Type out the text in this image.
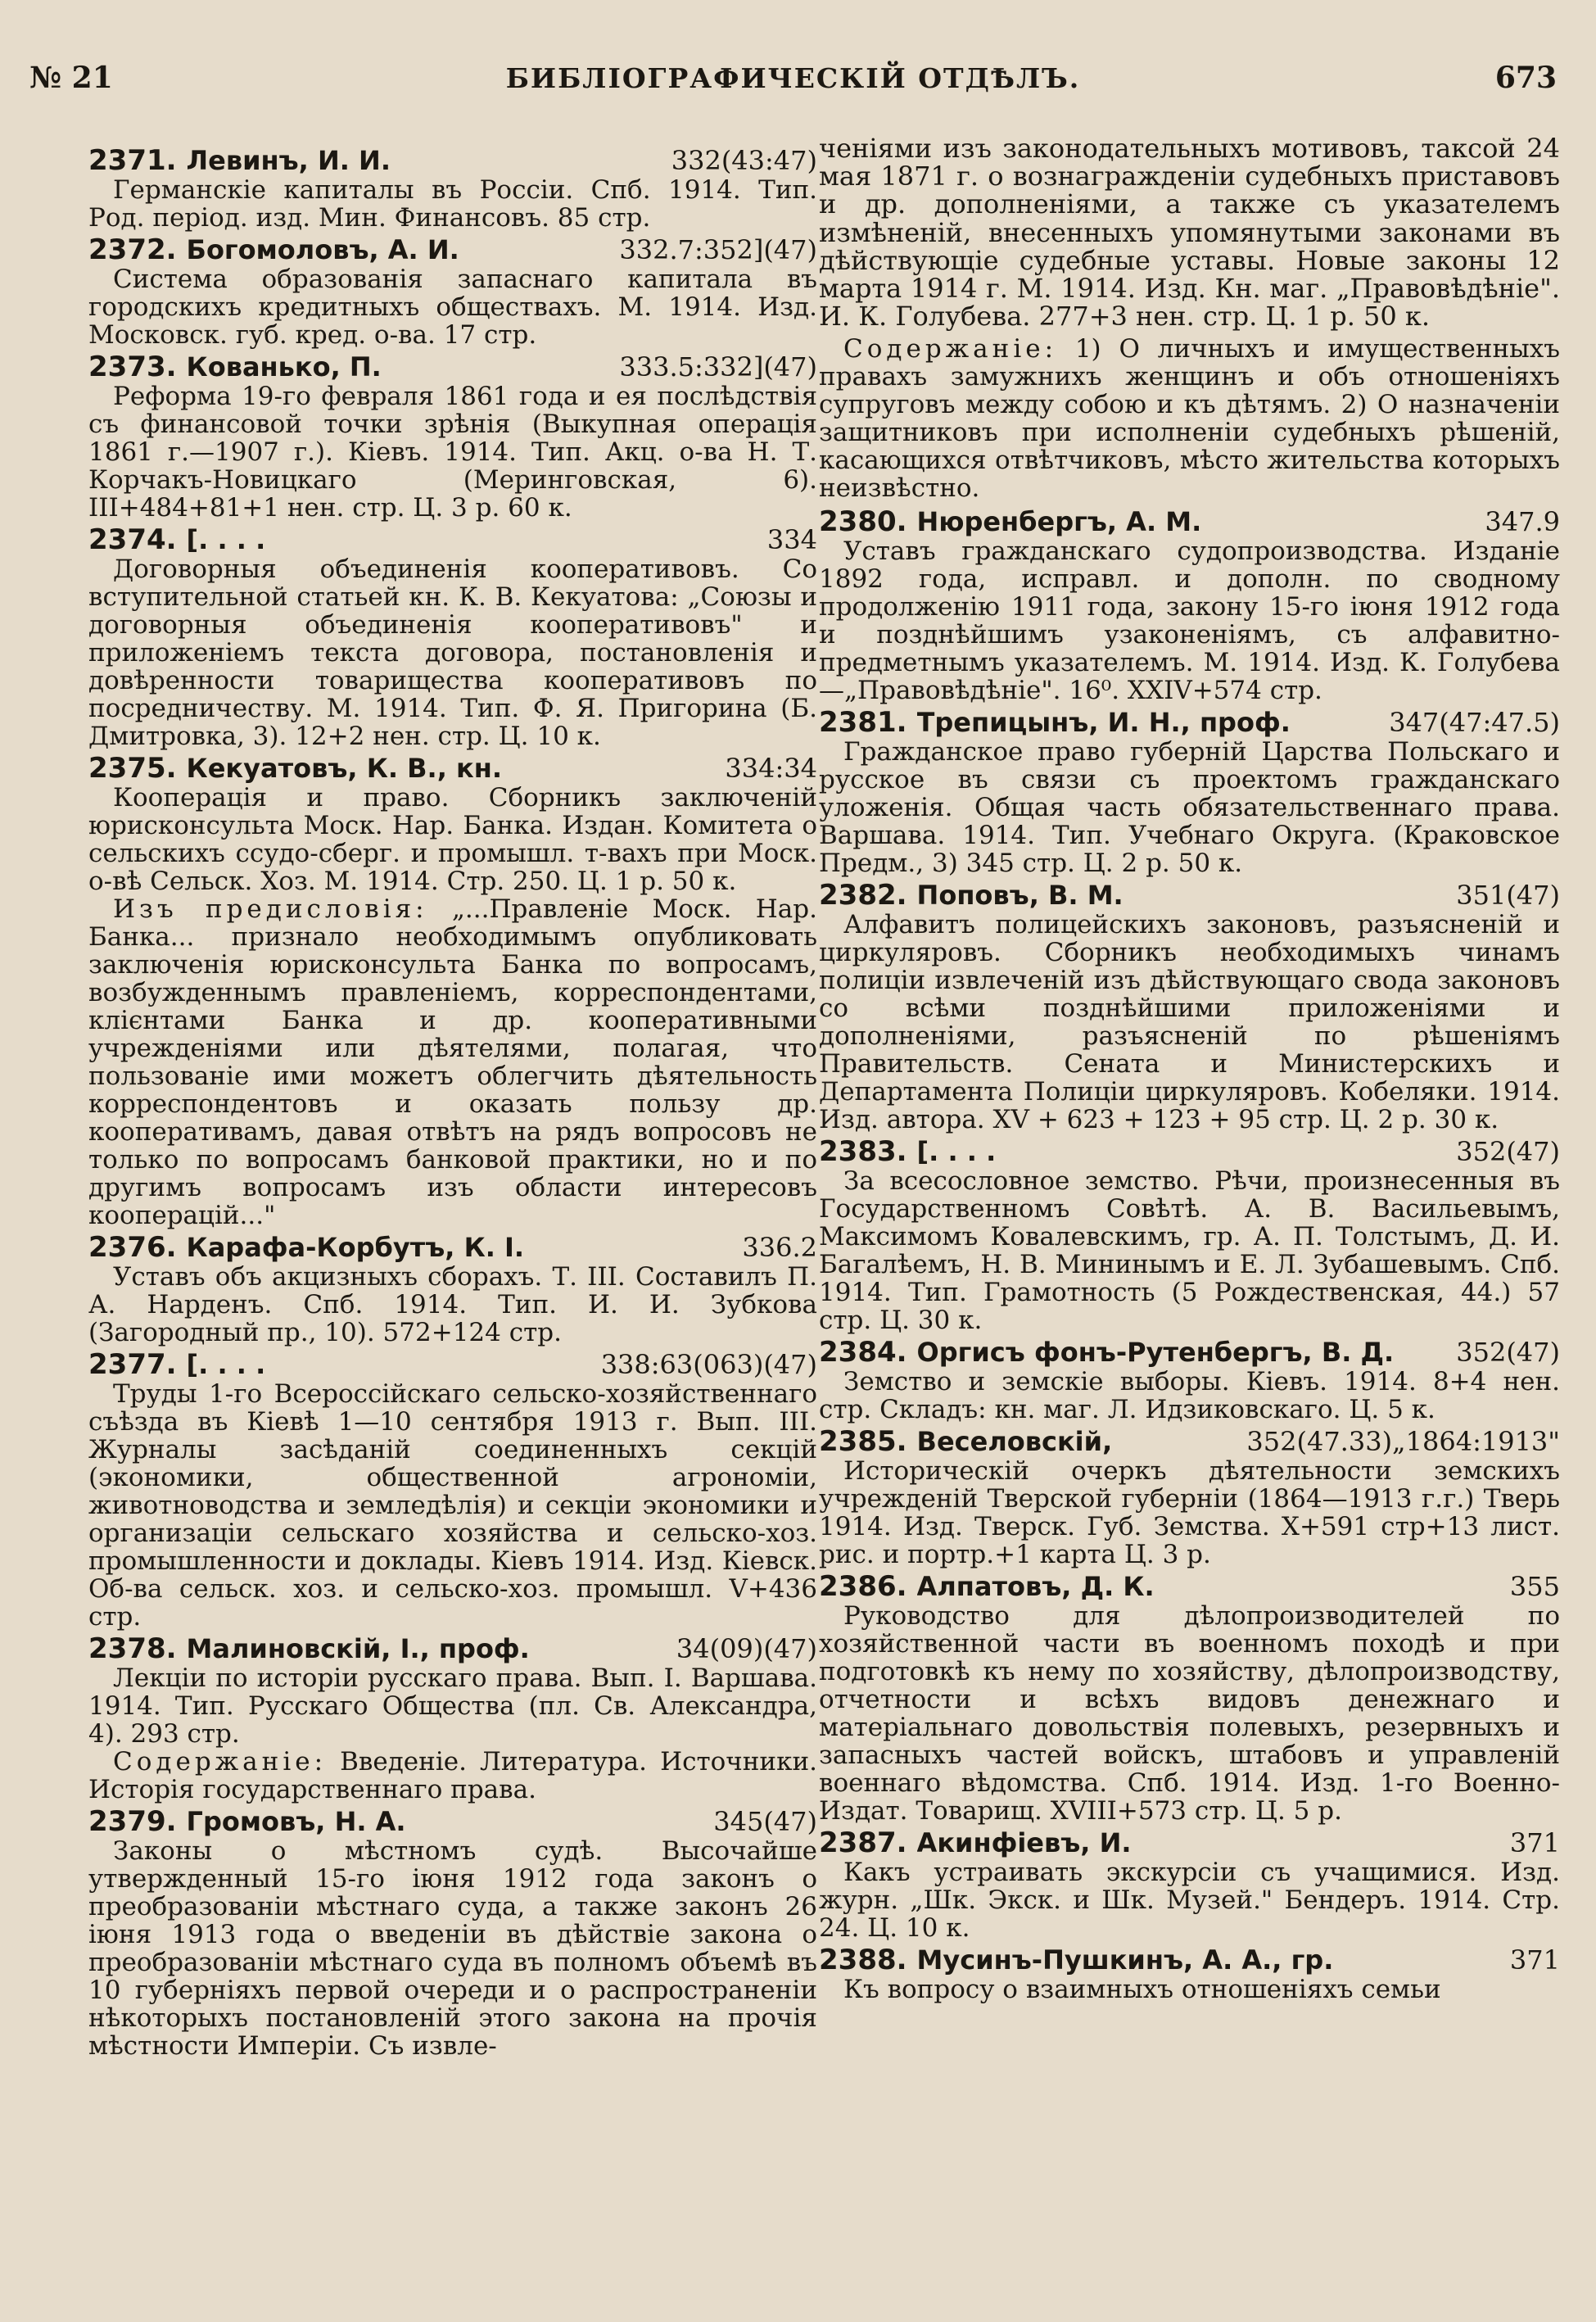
№ 21	БИБЛІОГРАФИЧЕСКІЙ ОТДѢЛЪ.	673
2371. Левинъ, И. И.	332(43:47)

Германскіе капиталы въ Россіи. Спб. 1914. Тип. Род. період. изд. Мин. Финансовъ. 85 стр.

2372. Богомоловъ, А. И.	332.7:352](47)

Система образованія запаснаго капитала въ городскихъ кредитныхъ обществахъ. М. 1914. Изд. Московск. губ. кред. о-ва. 17 стр.

2373. Кованько, П.	333.5:332](47)

Реформа 19-го февраля 1861 года и ея послѣдствія съ финансовой точки зрѣнія (Выкупная операція 1861 г.—1907 г.). Кіевъ. 1914. Тип. Акц. о-ва Н. Т. Корчакъ-Новицкаго (Меринговская, 6). III+484+81+1 нен. стр. Ц. 3 р. 60 к.

2374. [. . . .	334

Договорныя объединенія кооперативовъ. Со вступительной статьей кн. К. В. Кекуатова: „Союзы и договорныя объединенія кооперативовъ" и приложеніемъ текста договора, постановленія и довѣренности товарищества кооперативовъ по посредничеству. М. 1914. Тип. Ф. Я. Пригорина (Б. Дмитровка, 3). 12+2 нен. стр. Ц. 10 к.

2375. Кекуатовъ, К. В., кн.	334:34

Кооперація и право. Сборникъ заключеній юрисконсульта Моск. Нар. Банка. Издан. Комитета о сельскихъ ссудо-сберг. и промышл. т-вахъ при Моск. о-вѣ Сельск. Хоз. М. 1914. Стр. 250. Ц. 1 р. 50 к.

Изъ предисловія: „...Правленіе Моск. Нар. Банка... признало необходимымъ опубликовать заключенія юрисконсульта Банка по вопросамъ, возбужденнымъ правленіемъ, корреспондентами, клієнтами Банка и др. кооперативными учрежденіями или дѣятелями, полагая, что пользованіе ими можетъ облегчить дѣятельность корреспондентовъ и оказать пользу др. кооперативамъ, давая отвѣтъ на рядъ вопросовъ не только по вопросамъ банковой практики, но и по другимъ вопросамъ изъ области интересовъ кооперацій..."

2376. Карафа-Корбутъ, К. І.	336.2

Уставъ объ акцизныхъ сборахъ. Т. III. Составилъ П. А. Нарденъ. Спб. 1914. Тип. И. И. Зубкова (Загородный пр., 10). 572+124 стр.

2377. [. . . .	338:63(063)(47)

Труды 1-го Всероссійскаго сельско-хозяйственнаго съѣзда въ Кіевѣ 1—10 сентября 1913 г. Вып. III. Журналы засѣданій соединенныхъ секцій (экономики, общественной агрономіи, животноводства и земледѣлія) и секціи экономики и организаціи сельскаго хозяйства и сельско-хоз. промышленности и доклады. Кіевъ 1914. Изд. Кіевск. Об-ва сельск. хоз. и сельско-хоз. промышл. V+436 стр.

2378. Малиновскій, І., проф.	34(09)(47)

Лекціи по исторіи русскаго права. Вып. I. Варшава. 1914. Тип. Русскаго Общества (пл. Св. Александра, 4). 293 стр.

Содержаніе: Введеніе. Литература. Источники. Исторія государственнаго права.

2379. Громовъ, Н. А.	345(47)

Законы о мѣстномъ судѣ. Высочайше утвержденный 15-го іюня 1912 года законъ о преобразованіи мѣстнаго суда, а также законъ 26 іюня 1913 года о введеніи въ дѣйствіе закона о преобразованіи мѣстнаго суда въ полномъ объемѣ въ 10 губерніяхъ первой очереди и о распространеніи нѣкоторыхъ постановленій этого закона на прочія мѣстности Имперіи. Съ извле-

ченіями изъ законодательныхъ мотивовъ, таксой 24 мая 1871 г. о вознагражденіи судебныхъ приставовъ и др. дополненіями, а также съ указателемъ измѣненій, внесенныхъ упомянутыми законами въ дѣйствующіе судебные уставы. Новые законы 12 марта 1914 г. М. 1914. Изд. Кн. маг. „Правовѣдѣніе". И. К. Голубева. 277+3 нен. стр. Ц. 1 р. 50 к.

Содержаніе: 1) О личныхъ и имущественныхъ правахъ замужнихъ женщинъ и объ отношеніяхъ супруговъ между собою и къ дѣтямъ. 2) О назначеніи защитниковъ при исполненіи судебныхъ рѣшеній, касающихся отвѣтчиковъ, мѣсто жительства которыхъ неизвѣстно.

2380. Нюренбергъ, А. М.	347.9

Уставъ гражданскаго судопроизводства. Изданіе 1892 года, исправл. и дополн. по сводному продолженію 1911 года, закону 15-го іюня 1912 года и позднѣйшимъ узаконеніямъ, съ алфавитно-предметнымъ указателемъ. М. 1914. Изд. К. Голубева—„Правовѣдѣніе". 16⁰. XXIV+574 стр.

2381. Трепицынъ, И. Н., проф.	347(47:47.5)

Гражданское право губерній Царства Польскаго и русское въ связи съ проектомъ гражданскаго уложенія. Общая часть обязательственнаго права. Варшава. 1914. Тип. Учебнаго Округа. (Краковское Предм., 3) 345 стр. Ц. 2 р. 50 к.

2382. Поповъ, В. М.	351(47)

Алфавитъ полицейскихъ законовъ, разъясненій и циркуляровъ. Сборникъ необходимыхъ чинамъ полиціи извлеченій изъ дѣйствующаго свода законовъ со всѣми позднѣйшими приложеніями и дополненіями, разъясненій по рѣшеніямъ Правительств. Сената и Министерскихъ и Департамента Полиціи циркуляровъ. Кобеляки. 1914. Изд. автора. XV + 623 + 123 + 95 стр. Ц. 2 р. 30 к.

2383. [. . . .	352(47)

За всесословное земство. Рѣчи, произнесенныя въ Государственномъ Совѣтѣ. А. В. Васильевымъ, Максимомъ Ковалевскимъ, гр. А. П. Толстымъ, Д. И. Багалѣемъ, Н. В. Мининымъ и Е. Л. Зубашевымъ. Спб. 1914. Тип. Грамотность (5 Рождественская, 44.) 57 стр. Ц. 30 к.

2384. Оргисъ фонъ-Рутенбергъ, В. Д.	352(47)

Земство и земскіе выборы. Кіевъ. 1914. 8+4 нен. стр. Складъ: кн. маг. Л. Идзиковскаго. Ц. 5 к.

2385. Веселовскій,	352(47.33)„1864:1913"

Историческій очеркъ дѣятельности земскихъ учрежденій Тверской губерніи (1864—1913 г.г.) Тверь 1914. Изд. Тверск. Губ. Земства. X+591 стр+13 лист. рис. и портр.+1 карта Ц. 3 р.

2386. Алпатовъ, Д. К.	355

Руководство для дѣлопроизводителей по хозяйственной части въ военномъ походѣ и при подготовкѣ къ нему по хозяйству, дѣлопроизводству, отчетности и всѣхъ видовъ денежнаго и матеріальнаго довольствія полевыхъ, резервныхъ и запасныхъ частей войскъ, штабовъ и управленій военнаго вѣдомства. Спб. 1914. Изд. 1-го Военно-Издат. Товарищ. XVIII+573 стр. Ц. 5 р.

2387. Акинфіевъ, И.	371

Какъ устраивать экскурсіи съ учащимися. Изд. журн. „Шк. Экск. и Шк. Музей." Бендеръ. 1914. Стр. 24. Ц. 10 к.

2388. Мусинъ-Пушкинъ, А. А., гр.	371

Къ вопросу о взаимныхъ отношеніяхъ семьи
